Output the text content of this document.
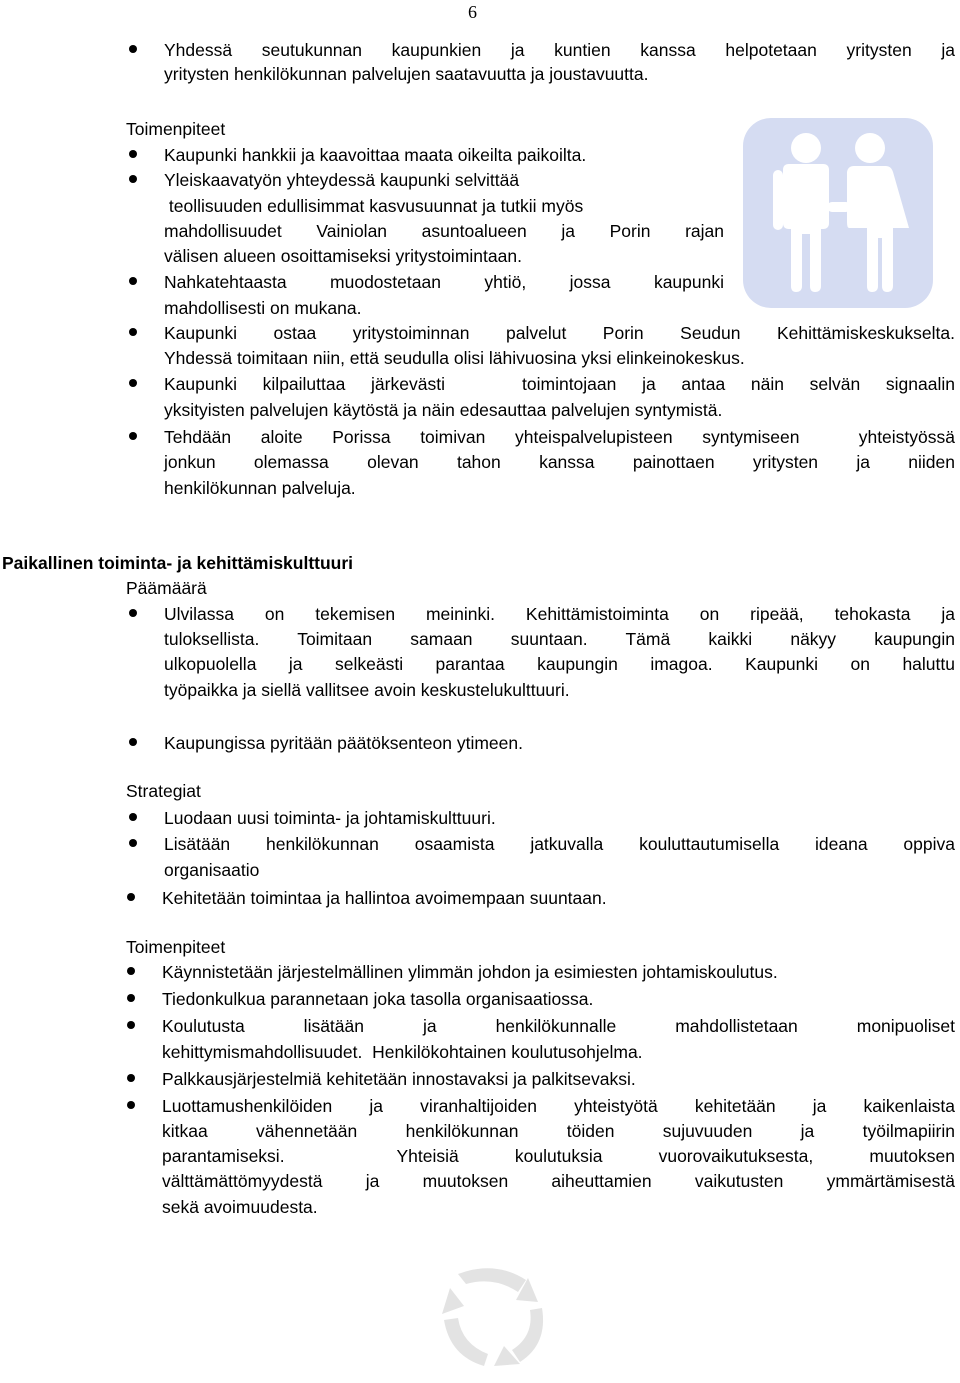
6
Yhdessä seutukunnan kaupunkien ja kuntien kanssa helpotetaan yritysten ja
yritysten henkilökunnan palvelujen saatavuutta ja joustavuutta.
Toimenpiteet
Kaupunki hankkii ja kaavoittaa maata oikeilta paikoilta.
Yleiskaavatyön yhteydessä kaupunki selvittää
teollisuuden edullisimmat kasvusuunnat ja tutkii myös
mahdollisuudet Vainiolan asuntoalueen ja Porin rajan
välisen alueen osoittamiseksi yritystoimintaan.
Nahkatehtaasta muodostetaan yhtiö, jossa kaupunki
mahdollisesti on mukana.
Kaupunki ostaa yritystoiminnan palvelut Porin Seudun Kehittämiskeskukselta.
Yhdessä toimitaan niin, että seudulla olisi lähivuosina yksi elinkeinokeskus.
Kaupunki kilpailuttaa järkevästi   toimintojaan ja antaa näin selvän signaalin
yksityisten palvelujen käytöstä ja näin edesauttaa palvelujen syntymistä.
Tehdään aloite Porissa toimivan yhteispalvelupisteen syntymiseen  yhteistyössä
jonkun olemassa olevan tahon kanssa painottaen yritysten ja niiden
henkilökunnan palveluja.
Paikallinen toiminta- ja kehittämiskulttuuri
Päämäärä
Ulvilassa on tekemisen meininki. Kehittämistoiminta on ripeää, tehokasta ja
tuloksellista. Toimitaan samaan suuntaan. Tämä kaikki näkyy kaupungin
ulkopuolella ja selkeästi parantaa kaupungin imagoa. Kaupunki on haluttu
työpaikka ja siellä vallitsee avoin keskustelukulttuuri.
Kaupungissa pyritään päätöksenteon ytimeen.
Strategiat
Luodaan uusi toiminta- ja johtamiskulttuuri.
Lisätään henkilökunnan osaamista jatkuvalla kouluttautumisella ideana oppiva
organisaatio
Kehitetään toimintaa ja hallintoa avoimempaan suuntaan.
Toimenpiteet
Käynnistetään järjestelmällinen ylimmän johdon ja esimiesten johtamiskoulutus.
Tiedonkulkua parannetaan joka tasolla organisaatiossa.
Koulutusta lisätään ja henkilökunnalle mahdollistetaan monipuoliset
kehittymismahdollisuudet.  Henkilökohtainen koulutusohjelma.
Palkkausjärjestelmiä kehitetään innostavaksi ja palkitsevaksi.
Luottamushenkilöiden ja viranhaltijoiden yhteistyötä kehitetään ja kaikenlaista
kitkaa vähennetään henkilökunnan töiden sujuvuuden ja työilmapiirin
parantamiseksi.  Yhteisiä koulutuksia vuorovaikutuksesta, muutoksen
välttämättömyydestä ja muutoksen aiheuttamien vaikutusten ymmärtämisestä
sekä avoimuudesta.
